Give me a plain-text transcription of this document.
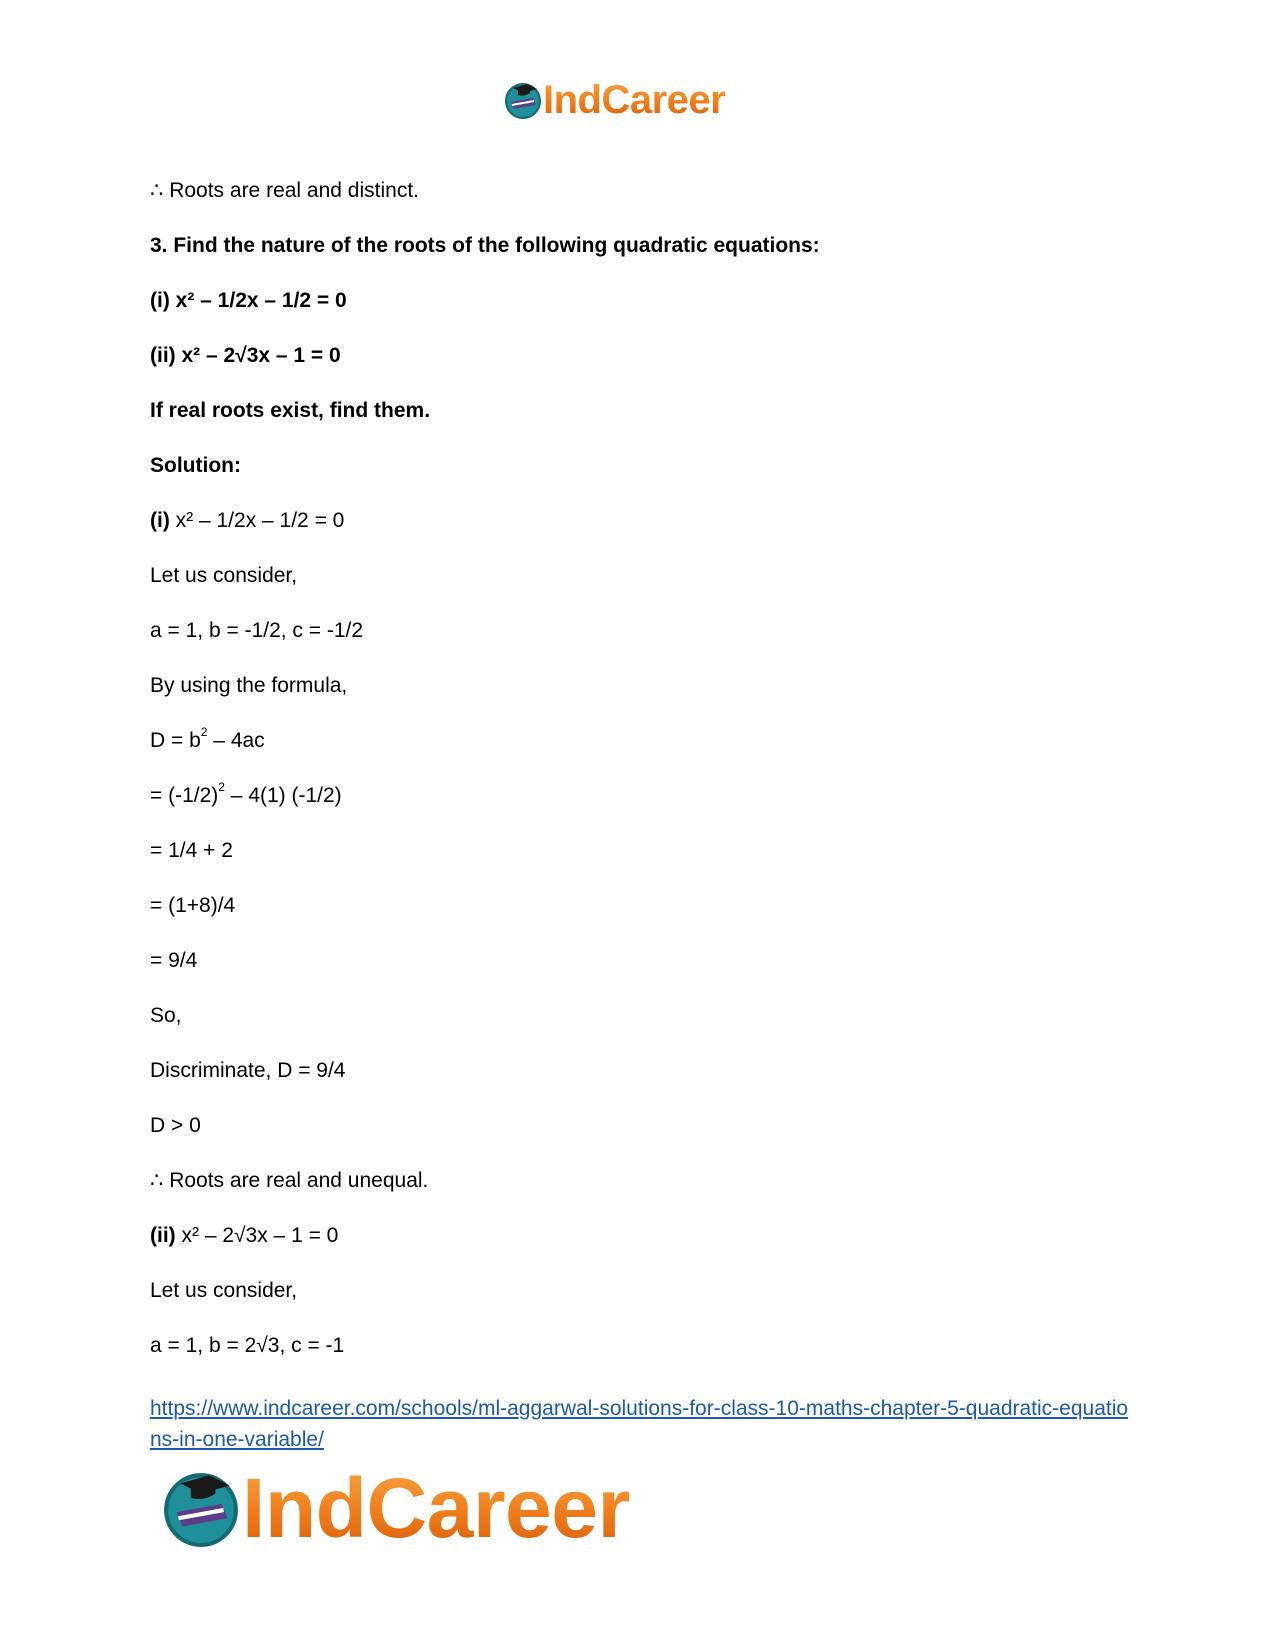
IndCareer
∴ Roots are real and distinct.
3. Find the nature of the roots of the following quadratic equations:
(i) x² – 1/2x – 1/2 = 0
(ii) x² – 2√3x – 1 = 0
If real roots exist, find them.
Solution:
(i) x² – 1/2x – 1/2 = 0
Let us consider,
a = 1, b = -1/2, c = -1/2
By using the formula,
$D = b^2 - 4ac$
= $(-1/2)^2 - 4(1)$ (-1/2)
= 1/4 + 2
= (1+8)/4
= 9/4
So,
Discriminate, D = 9/4
D > 0
∴ Roots are real and unequal.
(ii) x² – 2√3x – 1 = 0
Let us consider,
a = 1, b = 2√3, c = -1
https://www.indcareer.com/schools/ml-aggarwal-solutions-for-class-10-maths-chapter-5-quadratic-equations-in-one-variable/
IndCareer
